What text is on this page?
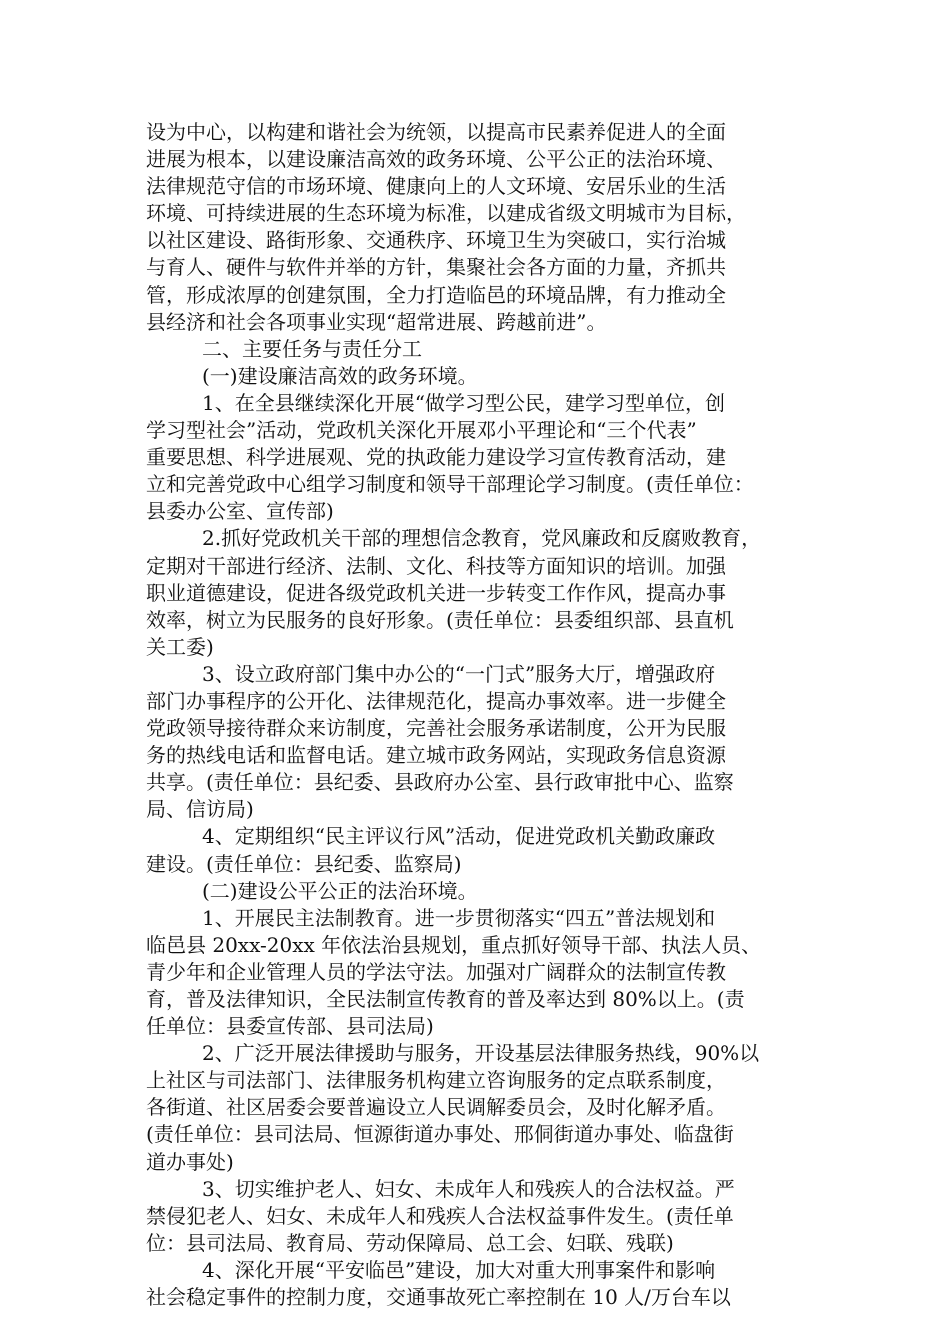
设为中心，以构建和谐社会为统领，以提高市民素养促进人的全面
进展为根本，以建设廉洁高效的政务环境、公平公正的法治环境、
法律规范守信的市场环境、健康向上的人文环境、安居乐业的生活
环境、可持续进展的生态环境为标准，以建成省级文明城市为目标，
以社区建设、路街形象、交通秩序、环境卫生为突破口，实行治城
与育人、硬件与软件并举的方针，集聚社会各方面的力量，齐抓共
管，形成浓厚的创建氛围，全力打造临邑的环境品牌，有力推动全
县经济和社会各项事业实现“超常进展、跨越前进”。
二、主要任务与责任分工
(一)建设廉洁高效的政务环境。
1、在全县继续深化开展“做学习型公民，建学习型单位，创
学习型社会”活动，党政机关深化开展邓小平理论和“三个代表”
重要思想、科学进展观、党的执政能力建设学习宣传教育活动，建
立和完善党政中心组学习制度和领导干部理论学习制度。(责任单位：
县委办公室、宣传部)
2.抓好党政机关干部的理想信念教育，党风廉政和反腐败教育，
定期对干部进行经济、法制、文化、科技等方面知识的培训。加强
职业道德建设，促进各级党政机关进一步转变工作作风，提高办事
效率，树立为民服务的良好形象。(责任单位：县委组织部、县直机
关工委)
3、设立政府部门集中办公的“一门式”服务大厅，增强政府
部门办事程序的公开化、法律规范化，提高办事效率。进一步健全
党政领导接待群众来访制度，完善社会服务承诺制度，公开为民服
务的热线电话和监督电话。建立城市政务网站，实现政务信息资源
共享。(责任单位：县纪委、县政府办公室、县行政审批中心、监察
局、信访局)
4、定期组织“民主评议行风”活动，促进党政机关勤政廉政
建设。(责任单位：县纪委、监察局)
(二)建设公平公正的法治环境。
1、开展民主法制教育。进一步贯彻落实“四五”普法规划和
临邑县 20xx-20xx 年依法治县规划，重点抓好领导干部、执法人员、
青少年和企业管理人员的学法守法。加强对广阔群众的法制宣传教
育，普及法律知识，全民法制宣传教育的普及率达到 80%以上。(责
任单位：县委宣传部、县司法局)
2、广泛开展法律援助与服务，开设基层法律服务热线，90%以
上社区与司法部门、法律服务机构建立咨询服务的定点联系制度，
各街道、社区居委会要普遍设立人民调解委员会，及时化解矛盾。
(责任单位：县司法局、恒源街道办事处、邢侗街道办事处、临盘街
道办事处)
3、切实维护老人、妇女、未成年人和残疾人的合法权益。严
禁侵犯老人、妇女、未成年人和残疾人合法权益事件发生。(责任单
位：县司法局、教育局、劳动保障局、总工会、妇联、残联)
4、深化开展“平安临邑”建设，加大对重大刑事案件和影响
社会稳定事件的控制力度，交通事故死亡率控制在 10 人/万台车以
